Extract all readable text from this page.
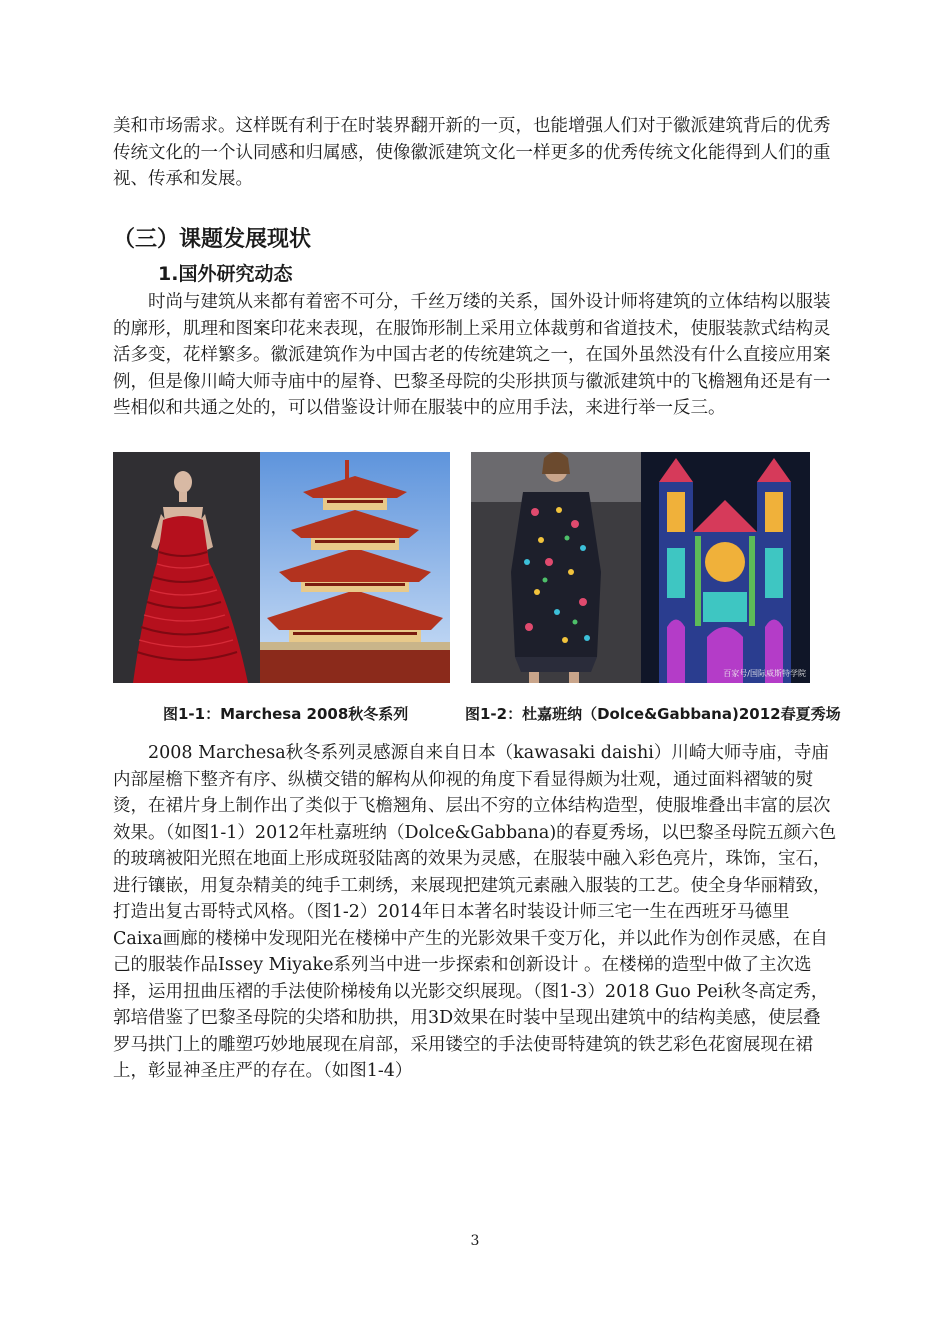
美和市场需求。这样既有利于在时装界翻开新的一页，也能增强人们对于徽派建筑背后的优秀传统文化的一个认同感和归属感，使像徽派建筑文化一样更多的优秀传统文化能得到人们的重视、传承和发展。

（三）课题发展现状
1.国外研究动态

时尚与建筑从来都有着密不可分，千丝万缕的关系，国外设计师将建筑的立体结构以服装的廓形，肌理和图案印花来表现，在服饰形制上采用立体裁剪和省道技术，使服装款式结构灵活多变，花样繁多。徽派建筑作为中国古老的传统建筑之一，在国外虽然没有什么直接应用案例，但是像川崎大师寺庙中的屋脊、巴黎圣母院的尖形拱顶与徽派建筑中的飞檐翘角还是有一些相似和共通之处的，可以借鉴设计师在服装中的应用手法，来进行举一反三。

百家号/国际威斯特学院
图1-1：Marchesa 2008秋冬系列	图1-2：杜嘉班纳（Dolce&Gabbana)2012春夏秀场

2008 Marchesa秋冬系列灵感源自来自日本（kawasaki daishi）川崎大师寺庙，寺庙内部屋檐下整齐有序、纵横交错的解构从仰视的角度下看显得颇为壮观，通过面料褶皱的熨烫，在裙片身上制作出了类似于飞檐翘角、层出不穷的立体结构造型，使服堆叠出丰富的层次效果。（如图1-1）2012年杜嘉班纳（Dolce&Gabbana)的春夏秀场，以巴黎圣母院五颜六色的玻璃被阳光照在地面上形成斑驳陆离的效果为灵感，在服装中融入彩色亮片，珠饰，宝石，进行镶嵌，用复杂精美的纯手工刺绣，来展现把建筑元素融入服装的工艺。使全身华丽精致，打造出复古哥特式风格。（图1-2）2014年日本著名时装设计师三宅一生在西班牙马德里Caixa画廊的楼梯中发现阳光在楼梯中产生的光影效果千变万化，并以此作为创作灵感，在自己的服装作品Issey Miyake系列当中进一步探索和创新设计 。在楼梯的造型中做了主次选择，运用扭曲压褶的手法使阶梯棱角以光影交织展现。（图1-3）2018 Guo Pei秋冬高定秀，郭培借鉴了巴黎圣母院的尖塔和肋拱，用3D效果在时装中呈现出建筑中的结构美感，使层叠罗马拱门上的雕塑巧妙地展现在肩部，采用镂空的手法使哥特建筑的铁艺彩色花窗展现在裙上，彰显神圣庄严的存在。（如图1-4）

3
